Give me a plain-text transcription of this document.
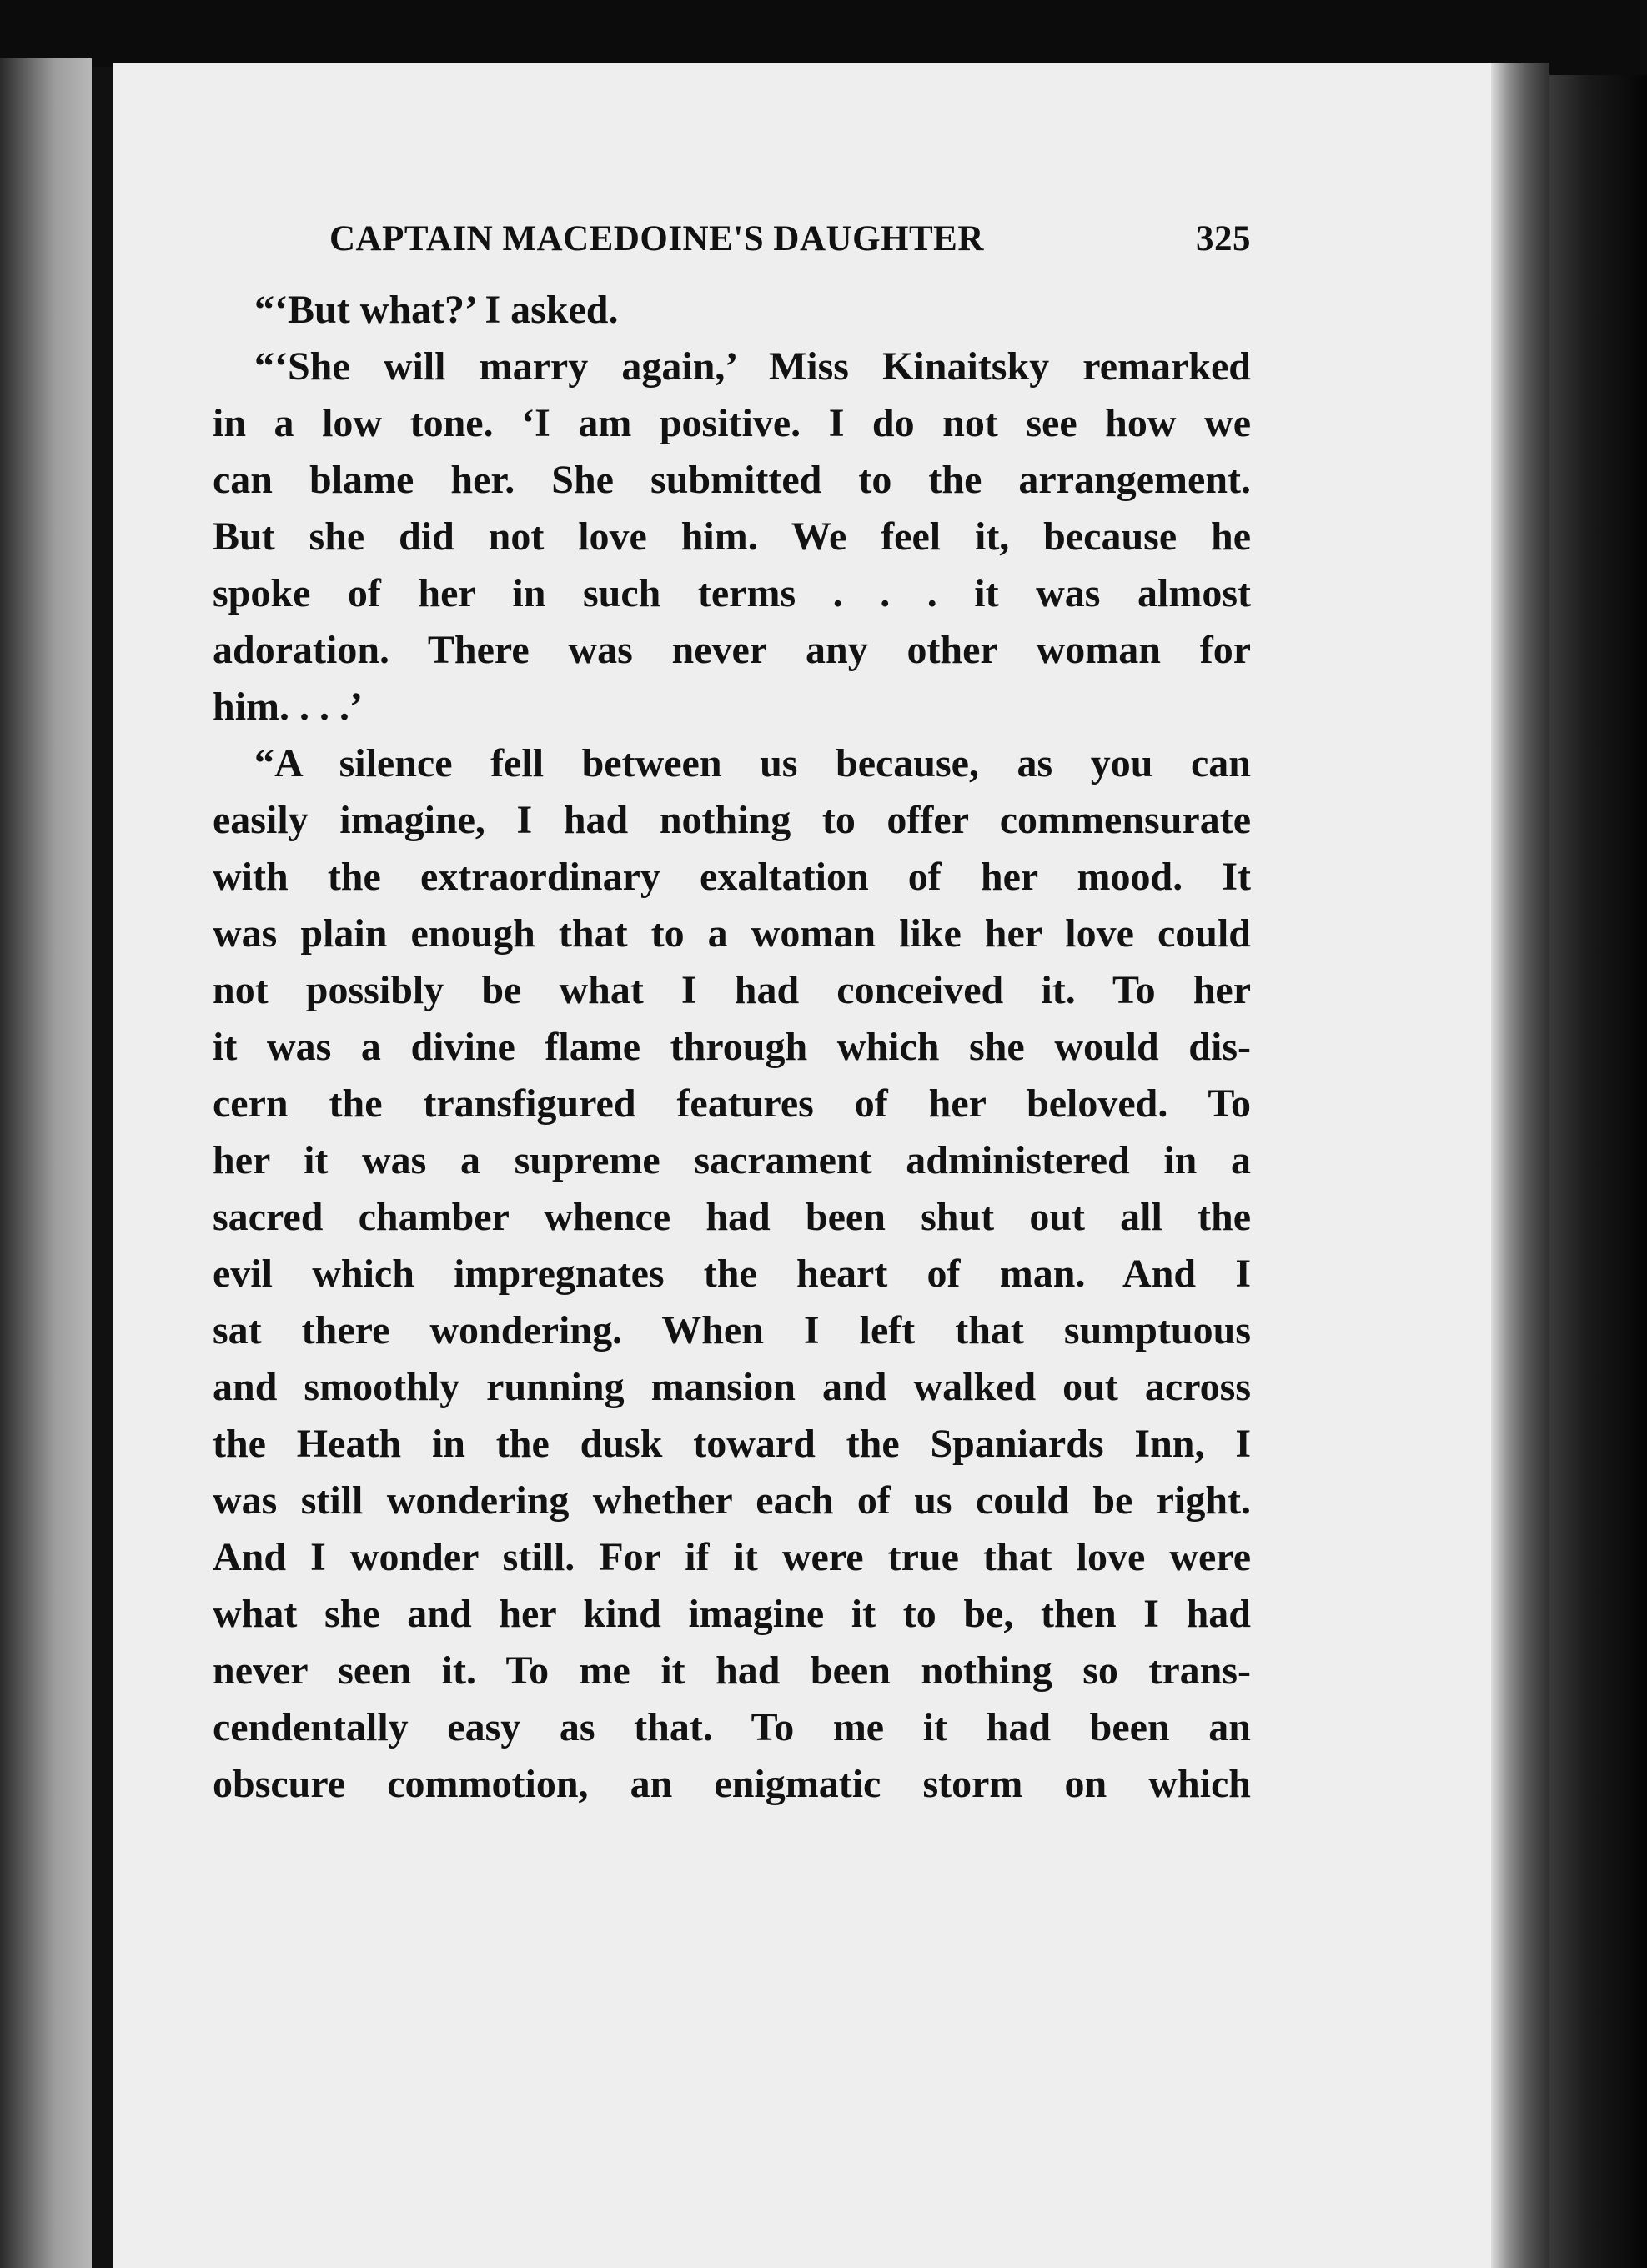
CAPTAIN MACEDOINE'S DAUGHTER	325
“‘But what?’ I asked.
“‘She will marry again,’ Miss Kinaitsky remarked
in a low tone. ‘I am positive. I do not see how we
can blame her. She submitted to the arrangement.
But she did not love him. We feel it, because he
spoke of her in such terms . . . it was almost
adoration. There was never any other woman for
him. . . .’
“A silence fell between us because, as you can
easily imagine, I had nothing to offer commensurate
with the extraordinary exaltation of her mood. It
was plain enough that to a woman like her love could
not possibly be what I had conceived it. To her
it was a divine flame through which she would dis-
cern the transfigured features of her beloved. To
her it was a supreme sacrament administered in a
sacred chamber whence had been shut out all the
evil which impregnates the heart of man. And I
sat there wondering. When I left that sumptuous
and smoothly running mansion and walked out across
the Heath in the dusk toward the Spaniards Inn, I
was still wondering whether each of us could be right.
And I wonder still. For if it were true that love were
what she and her kind imagine it to be, then I had
never seen it. To me it had been nothing so trans-
cendentally easy as that. To me it had been an
obscure commotion, an enigmatic storm on which
